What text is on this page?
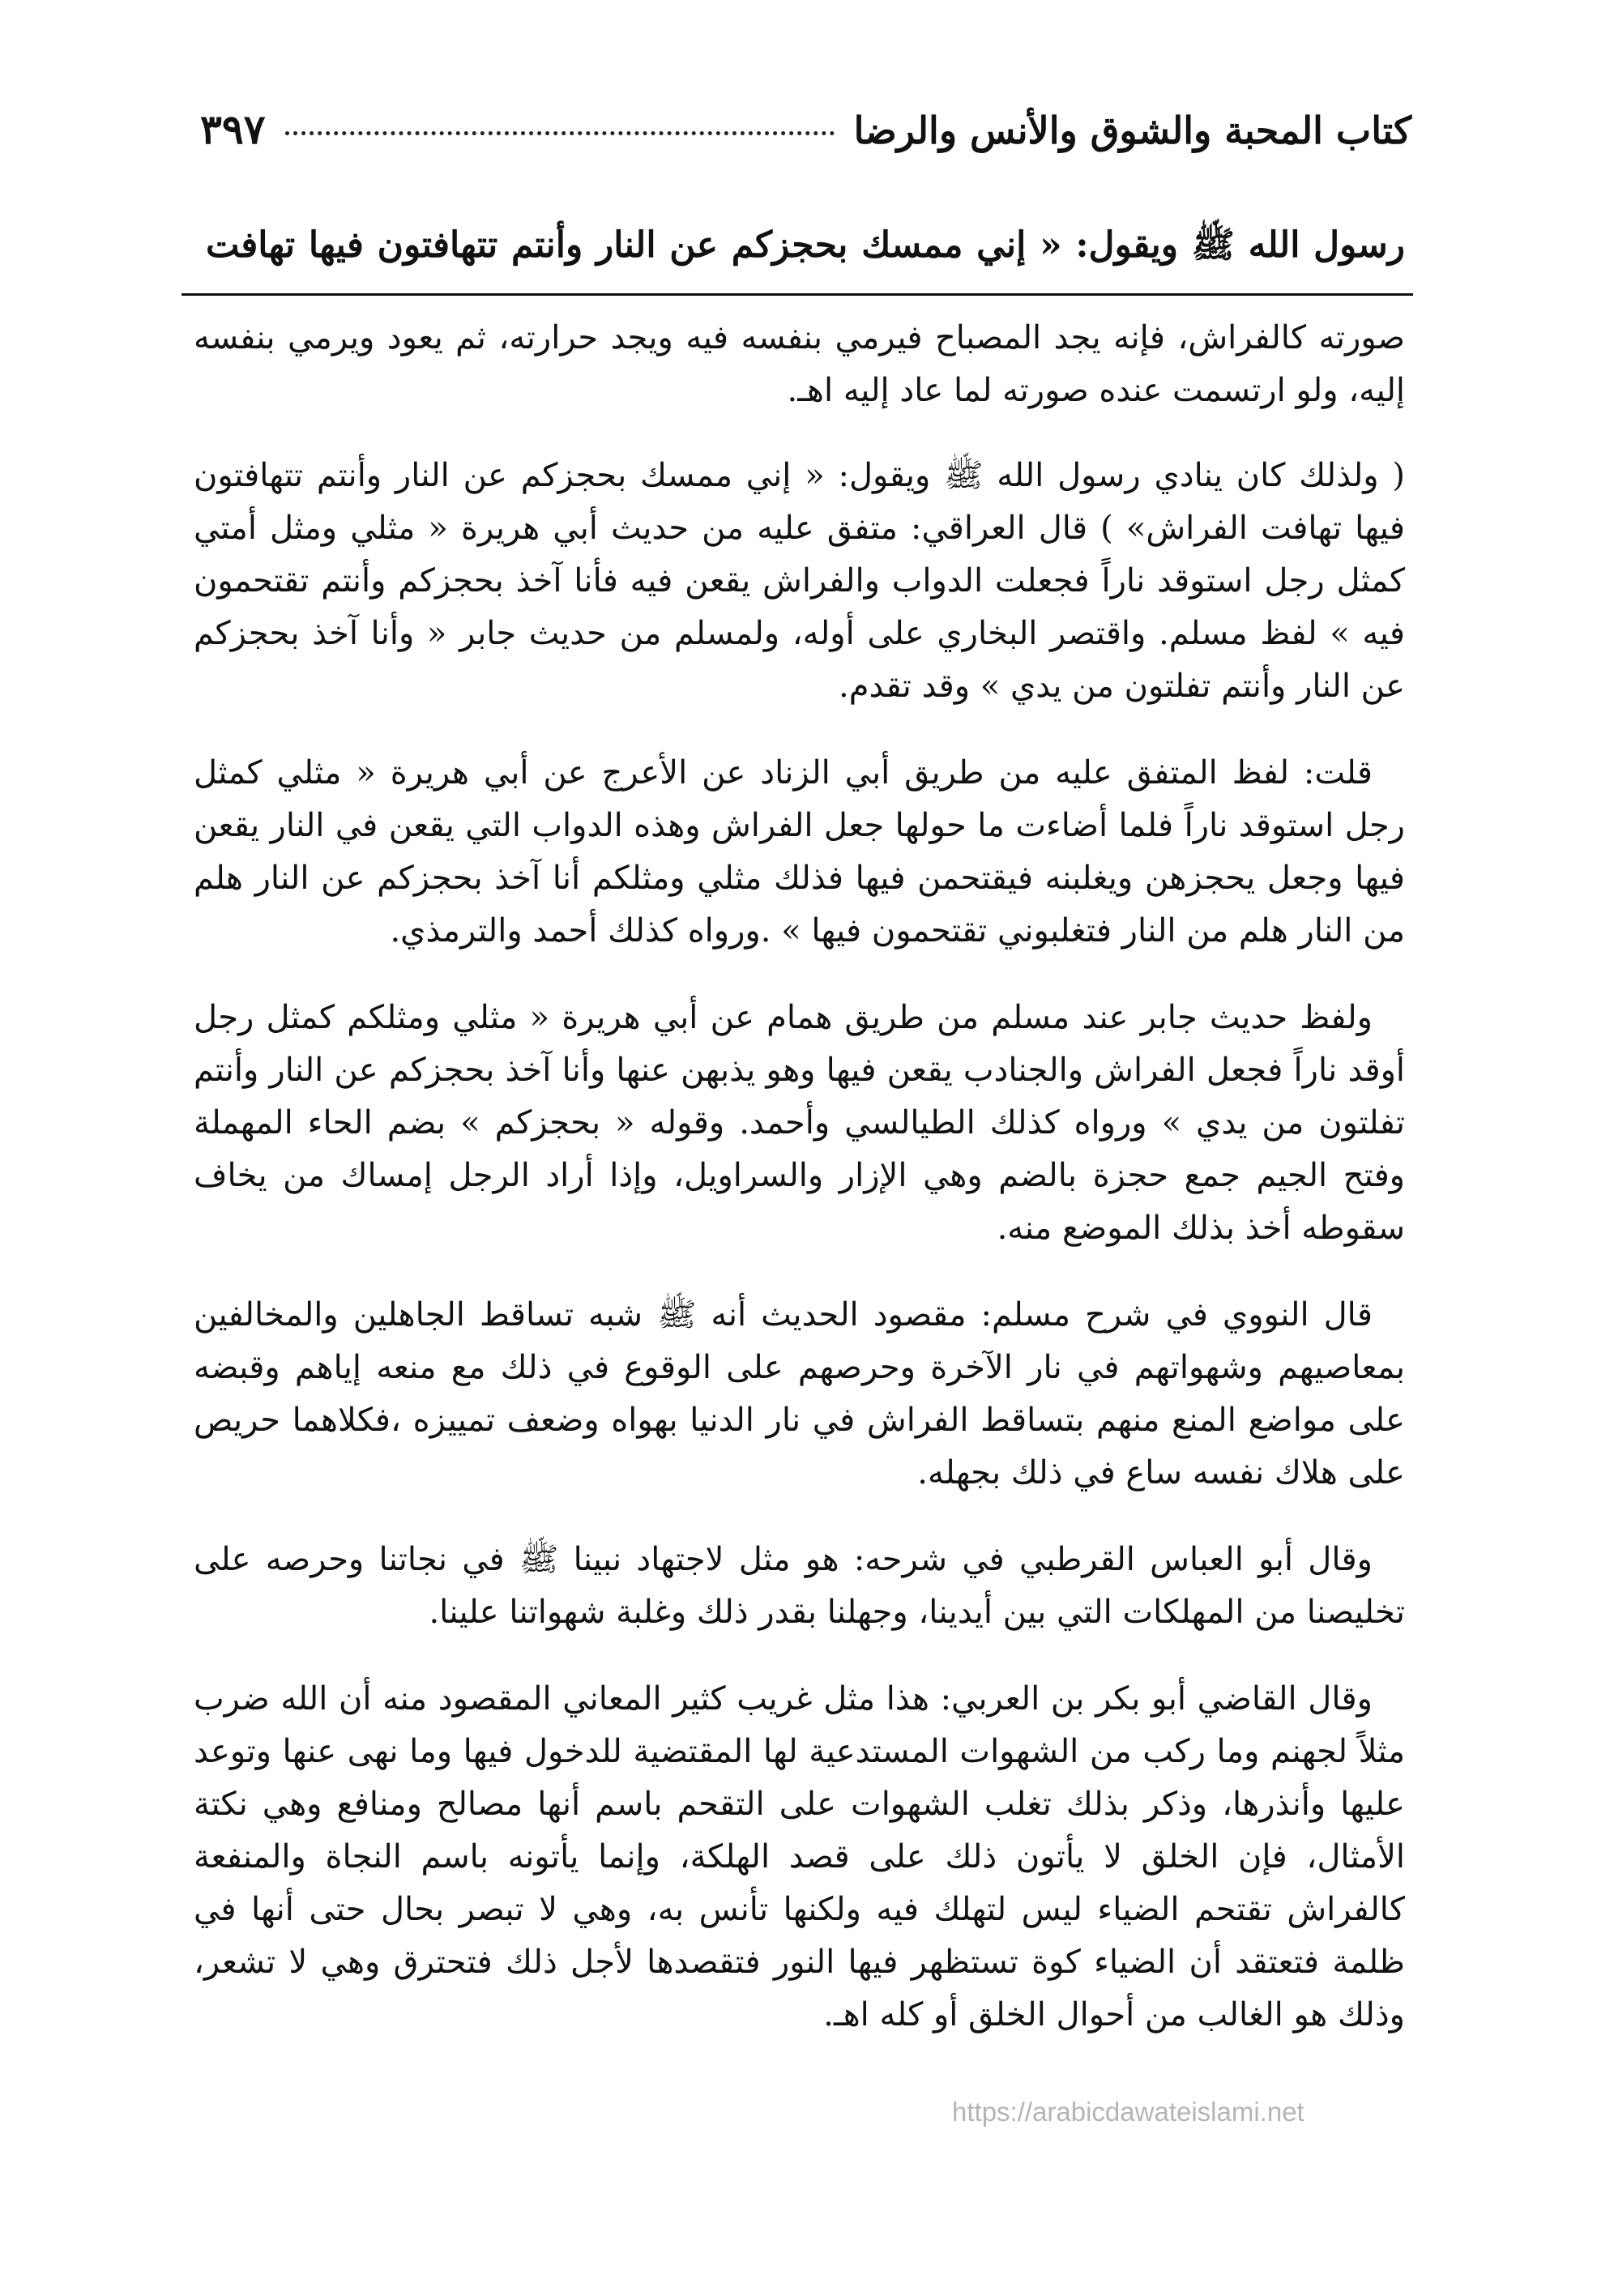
كتاب المحبة والشوق والأنس والرضا
٣٩٧
رسول الله ﷺ ويقول: « إني ممسك بحجزكم عن النار وأنتم تتهافتون فيها تهافت

صورته كالفراش، فإنه يجد المصباح فيرمي بنفسه فيه ويجد حرارته، ثم يعود ويرمي بنفسه إليه، ولو ارتسمت عنده صورته لما عاد إليه اهـ.

( ولذلك كان ينادي رسول الله ﷺ ويقول: « إني ممسك بحجزكم عن النار وأنتم تتهافتون فيها تهافت الفراش» ) قال العراقي: متفق عليه من حديث أبي هريرة « مثلي ومثل أمتي كمثل رجل استوقد ناراً فجعلت الدواب والفراش يقعن فيه فأنا آخذ بحجزكم وأنتم تقتحمون فيه » لفظ مسلم. واقتصر البخاري على أوله، ولمسلم من حديث جابر « وأنا آخذ بحجزكم عن النار وأنتم تفلتون من يدي » وقد تقدم.

قلت: لفظ المتفق عليه من طريق أبي الزناد عن الأعرج عن أبي هريرة « مثلي كمثل رجل استوقد ناراً فلما أضاءت ما حولها جعل الفراش وهذه الدواب التي يقعن في النار يقعن فيها وجعل يحجزهن ويغلبنه فيقتحمن فيها فذلك مثلي ومثلكم أنا آخذ بحجزكم عن النار هلم من النار هلم من النار فتغلبوني تقتحمون فيها » .ورواه كذلك أحمد والترمذي.

ولفظ حديث جابر عند مسلم من طريق همام عن أبي هريرة « مثلي ومثلكم كمثل رجل أوقد ناراً فجعل الفراش والجنادب يقعن فيها وهو يذبهن عنها وأنا آخذ بحجزكم عن النار وأنتم تفلتون من يدي » ورواه كذلك الطيالسي وأحمد. وقوله « بحجزكم » بضم الحاء المهملة وفتح الجيم جمع حجزة بالضم وهي الإزار والسراويل، وإذا أراد الرجل إمساك من يخاف سقوطه أخذ بذلك الموضع منه.

قال النووي في شرح مسلم: مقصود الحديث أنه ﷺ شبه تساقط الجاهلين والمخالفين بمعاصيهم وشهواتهم في نار الآخرة وحرصهم على الوقوع في ذلك مع منعه إياهم وقبضه على مواضع المنع منهم بتساقط الفراش في نار الدنيا بهواه وضعف تمييزه ،فكلاهما حريص على هلاك نفسه ساع في ذلك بجهله.

وقال أبو العباس القرطبي في شرحه: هو مثل لاجتهاد نبينا ﷺ في نجاتنا وحرصه على تخليصنا من المهلكات التي بين أيدينا، وجهلنا بقدر ذلك وغلبة شهواتنا علينا.

وقال القاضي أبو بكر بن العربي: هذا مثل غريب كثير المعاني المقصود منه أن الله ضرب مثلاً لجهنم وما ركب من الشهوات المستدعية لها المقتضية للدخول فيها وما نهى عنها وتوعد عليها وأنذرها، وذكر بذلك تغلب الشهوات على التقحم باسم أنها مصالح ومنافع وهي نكتة الأمثال، فإن الخلق لا يأتون ذلك على قصد الهلكة، وإنما يأتونه باسم النجاة والمنفعة كالفراش تقتحم الضياء ليس لتهلك فيه ولكنها تأنس به، وهي لا تبصر بحال حتى أنها في ظلمة فتعتقد أن الضياء كوة تستظهر فيها النور فتقصدها لأجل ذلك فتحترق وهي لا تشعر، وذلك هو الغالب من أحوال الخلق أو كله اهـ.

https://arabicdawateislami.net
